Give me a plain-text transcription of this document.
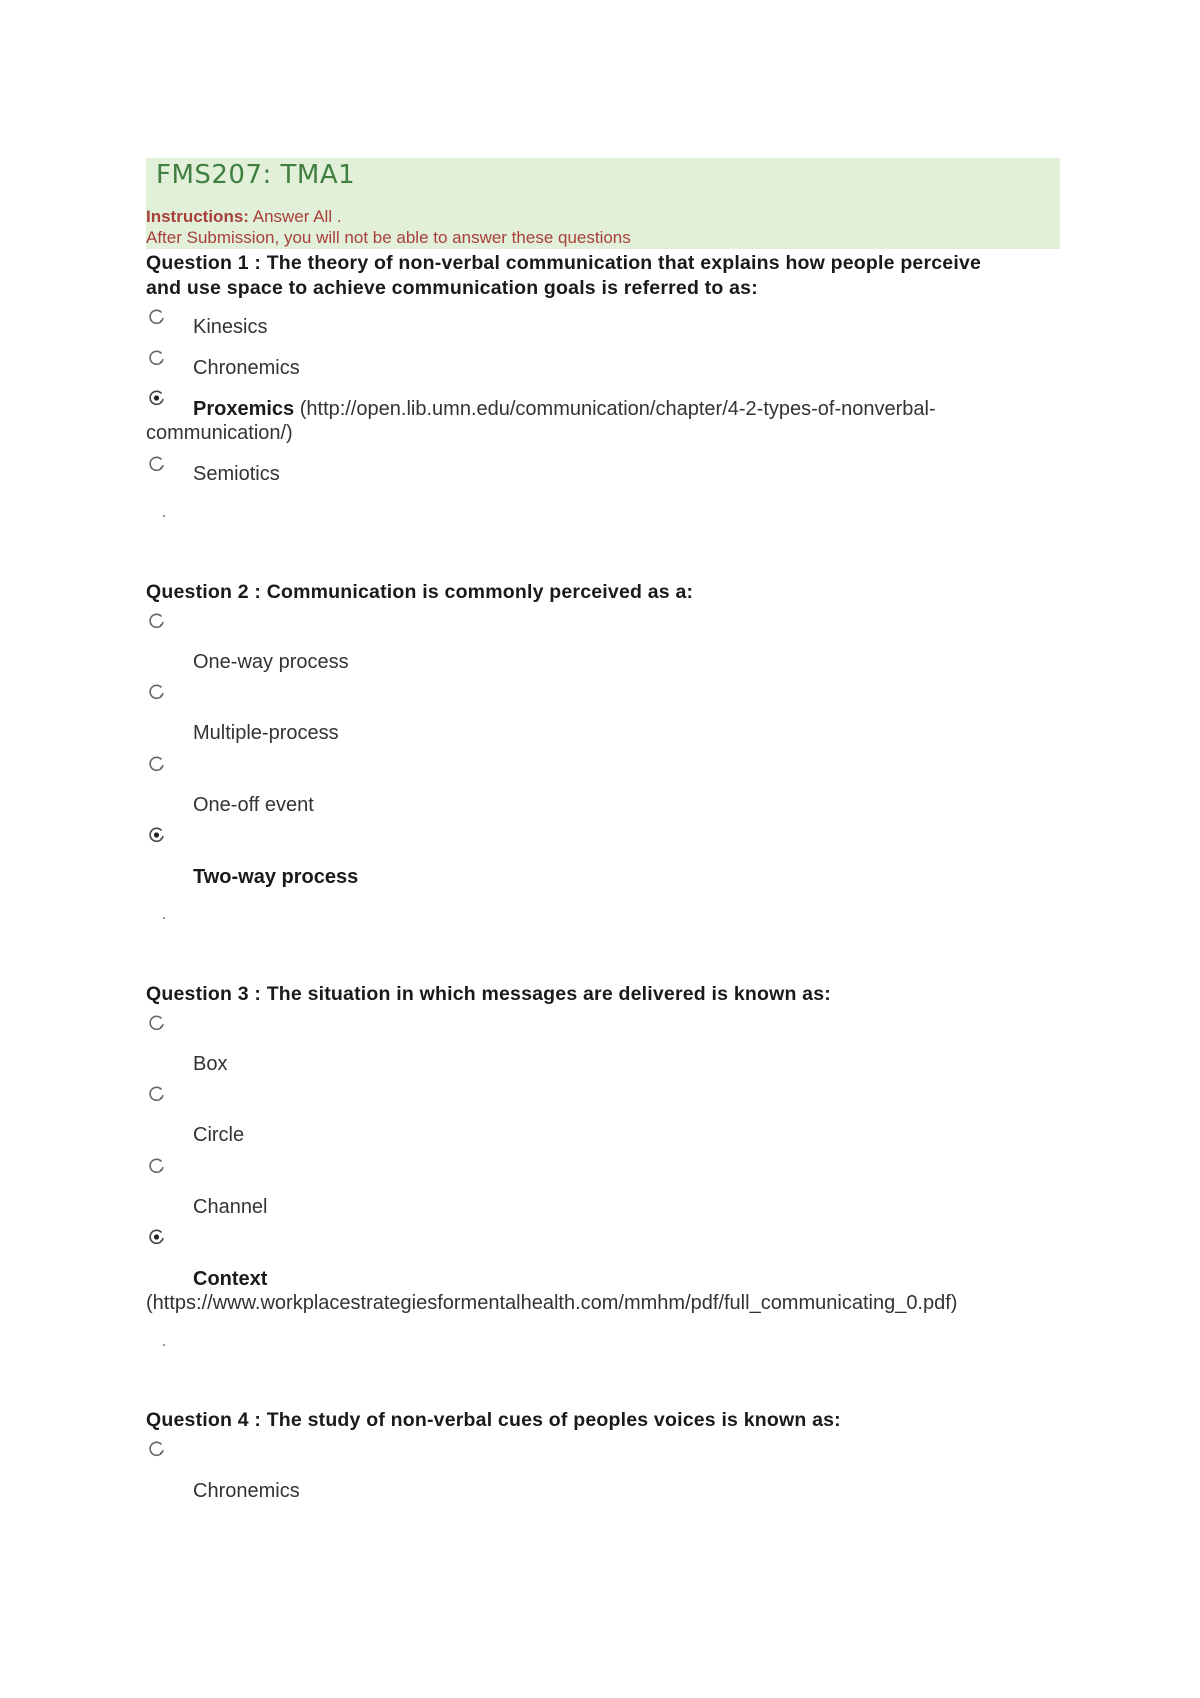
FMS207: TMA1
Instructions: Answer All .
After Submission, you will not be able to answer these questions
Question 1 : The theory of non-verbal communication that explains how people perceive
and use space to achieve communication goals is referred to as:
Kinesics
Chronemics
Proxemics (http://open.lib.umn.edu/communication/chapter/4-2-types-of-nonverbal-
communication/)
Semiotics
Question 2 : Communication is commonly perceived as a:
One-way process
Multiple-process
One-off event
Two-way process
Question 3 : The situation in which messages are delivered is known as:
Box
Circle
Channel
Context
(https://www.workplacestrategiesformentalhealth.com/mmhm/pdf/full_communicating_0.pdf)
Question 4 : The study of non-verbal cues of peoples voices is known as:
Chronemics
